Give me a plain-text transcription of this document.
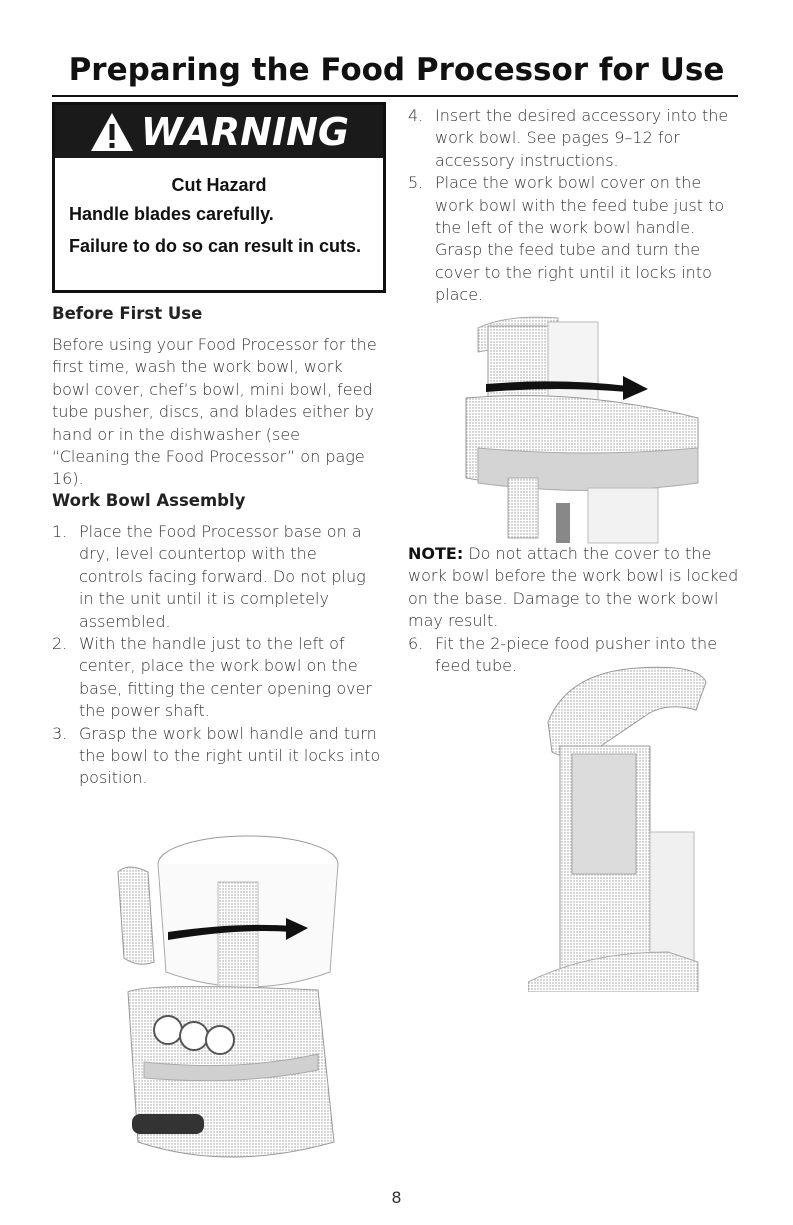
Preparing the Food Processor for Use
WARNING
Cut Hazard
Handle blades carefully.
Failure to do so can result in cuts.
Before First Use

Before using your Food Processor for the first time, wash the work bowl, work bowl cover, chef’s bowl, mini bowl, feed tube pusher, discs, and blades either by hand or in the dishwasher (see “Cleaning the Food Processor” on page 16).

Work Bowl Assembly
1. Place the Food Processor base on a dry, level countertop with the controls facing forward. Do not plug in the unit until it is completely assembled.
2. With the handle just to the left of center, place the work bowl on the base, fitting the center opening over the power shaft.
3. Grasp the work bowl handle and turn the bowl to the right until it locks into position.
4. Insert the desired accessory into the work bowl. See pages 9–12 for accessory instructions.
5. Place the work bowl cover on the work bowl with the feed tube just to the left of the work bowl handle. Grasp the feed tube and turn the cover to the right until it locks into place.

NOTE: Do not attach the cover to the work bowl before the work bowl is locked on the base. Damage to the work bowl may result.

6. Fit the 2-piece food pusher into the feed tube.
8
